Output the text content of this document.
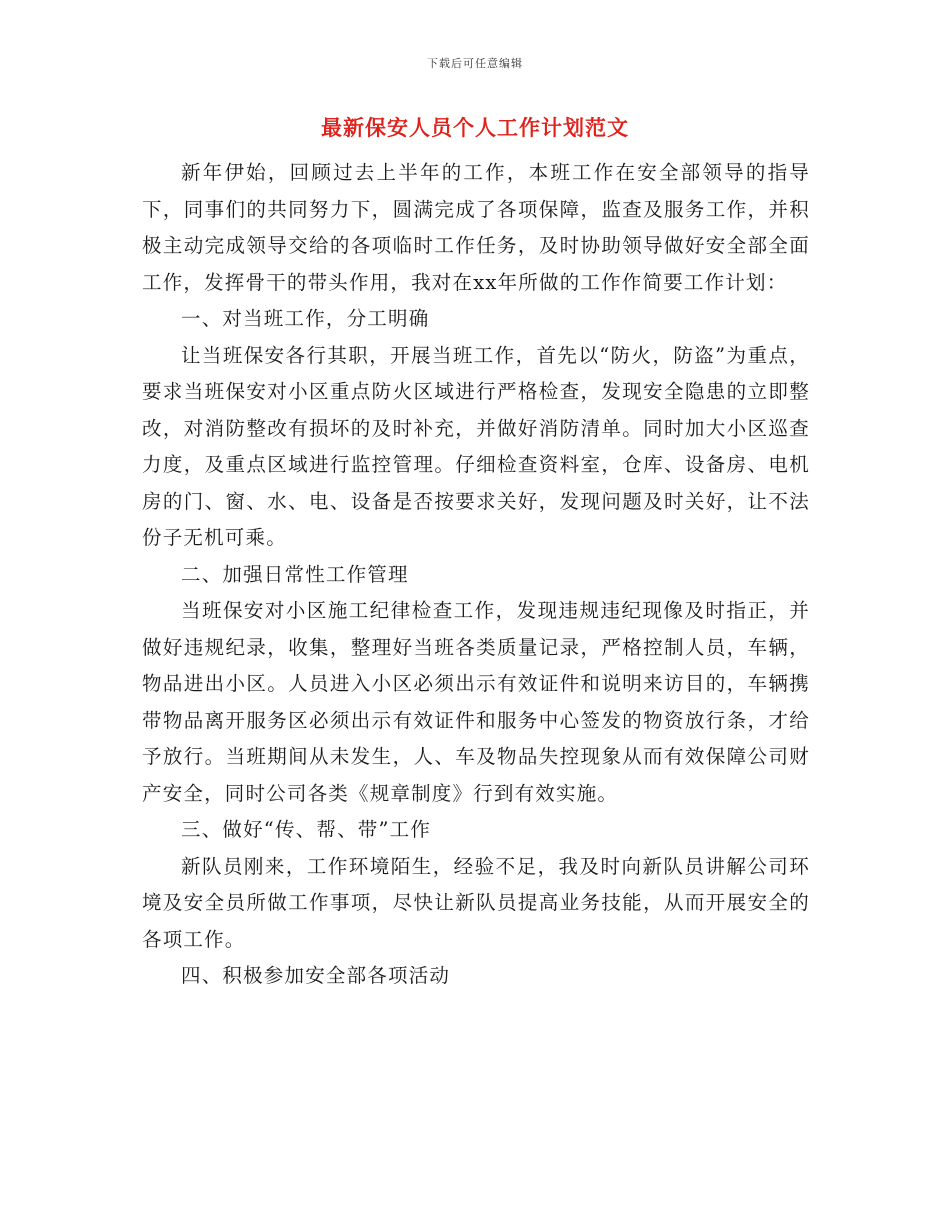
下载后可任意编辑
最新保安人员个人工作计划范文

新年伊始，回顾过去上半年的工作，本班工作在安全部领导的指导下，同事们的共同努力下，圆满完成了各项保障，监查及服务工作，并积极主动完成领导交给的各项临时工作任务，及时协助领导做好安全部全面工作，发挥骨干的带头作用，我对在xx年所做的工作作简要工作计划：

一、对当班工作，分工明确

让当班保安各行其职，开展当班工作，首先以“防火，防盗”为重点，要求当班保安对小区重点防火区域进行严格检查，发现安全隐患的立即整改，对消防整改有损坏的及时补充，并做好消防清单。同时加大小区巡查力度，及重点区域进行监控管理。仔细检查资料室，仓库、设备房、电机房的门、窗、水、电、设备是否按要求关好，发现问题及时关好，让不法份子无机可乘。

二、加强日常性工作管理

当班保安对小区施工纪律检查工作，发现违规违纪现像及时指正，并做好违规纪录，收集，整理好当班各类质量记录，严格控制人员，车辆，物品进出小区。人员进入小区必须出示有效证件和说明来访目的，车辆携带物品离开服务区必须出示有效证件和服务中心签发的物资放行条，才给予放行。当班期间从未发生，人、车及物品失控现象从而有效保障公司财产安全，同时公司各类《规章制度》行到有效实施。

三、做好“传、帮、带”工作

新队员刚来，工作环境陌生，经验不足，我及时向新队员讲解公司环境及安全员所做工作事项，尽快让新队员提高业务技能，从而开展安全的各项工作。

四、积极参加安全部各项活动
